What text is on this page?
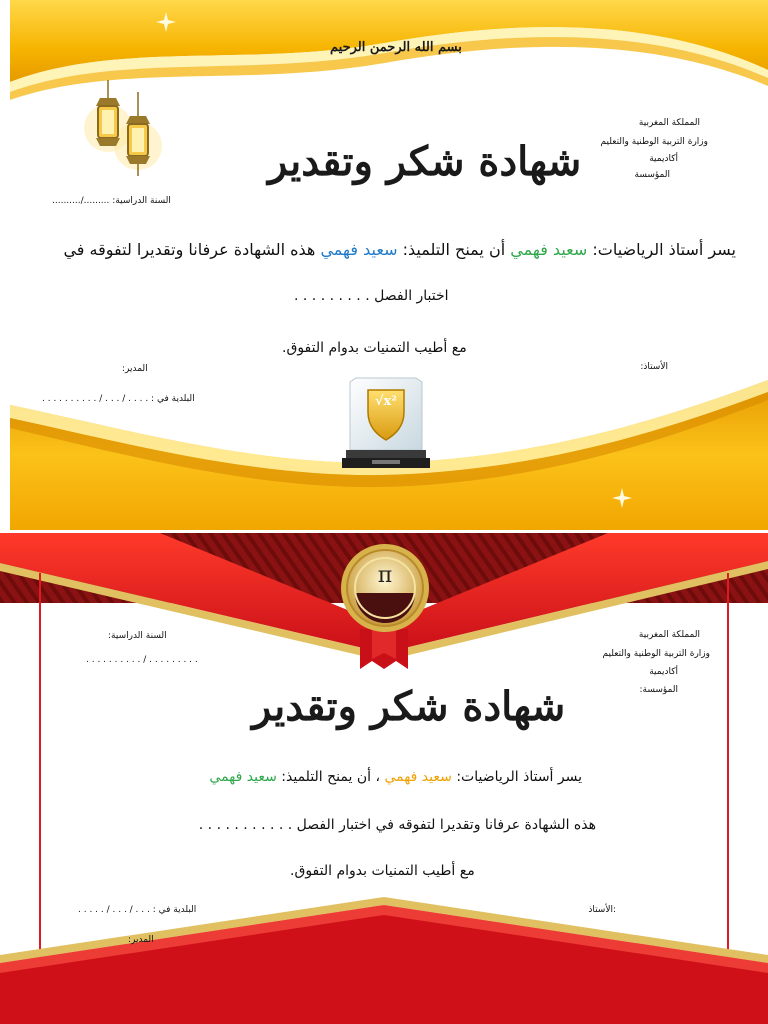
بسم الله الرحمن الرحيم
المملكة المغربية
وزارة التربية الوطنية والتعليم
أكاديمية
المؤسسة
شهادة شكر وتقدير
السنة الدراسية: ........./..........
يسر أستاذ الرياضيات: سعيد فهمي أن يمنح التلميذ: سعيد فهمي هذه الشهادة عرفانا وتقديرا لتفوقه في
اختبار الفصل . . . . . . . . .
مع أطيب التمنيات بدوام التفوق.
الأستاذ:
المدير:
البلدية في : . . . . / . . . / . . . . . . . . . .	√x²
π
المملكة المغربية
وزارة التربية الوطنية والتعليم
أكاديمية
المؤسسة:
السنة الدراسية:
. . . . . . . . . / . . . . . . . . . .
شهادة شكر وتقدير
يسر أستاذ الرياضيات: سعيد فهمي ، أن يمنح التلميذ: سعيد فهمي
هذه الشهادة عرفانا وتقديرا لتفوقه في اختبار الفصل . . . . . . . . . . .
مع أطيب التمنيات بدوام التفوق.
:الأستاذ
البلدية في : . . . / . . . / . . . . .
المدير:
